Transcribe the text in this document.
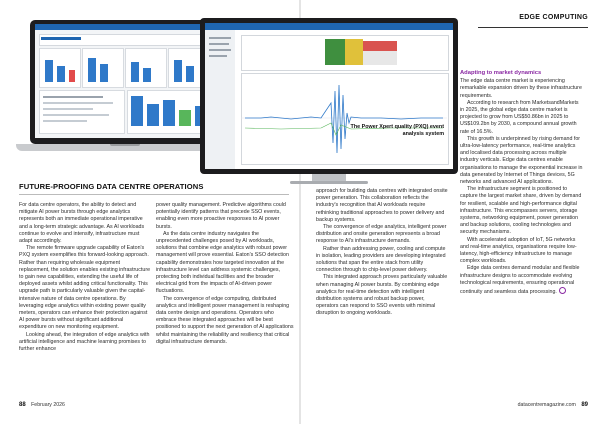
The Power Xpert quality (PXQ) event analysis system
EDGE COMPUTING
FUTURE-PROOFING DATA CENTRE OPERATIONS

For data centre operators, the ability to detect and mitigate AI power bursts through edge analytics represents both an immediate operational imperative and a long-term strategic advantage. As AI workloads continue to evolve and intensify, infrastructure must adapt accordingly.

The remote firmware upgrade capability of Eaton's PXQ system exemplifies this forward-looking approach. Rather than requiring wholesale equipment replacement, the solution enables existing infrastructure to gain new capabilities, extending the useful life of deployed assets whilst adding critical functionality. This upgrade path is particularly valuable given the capital-intensive nature of data centre operations. By leveraging edge analytics within existing power quality meters, operators can enhance their protection against AI power bursts without significant additional expenditure on new monitoring equipment.

Looking ahead, the integration of edge analytics with artificial intelligence and machine learning promises to further enhance

power quality management. Predictive algorithms could potentially identify patterns that precede SSO events, enabling even more proactive responses to AI power bursts.

As the data centre industry navigates the unprecedented challenges posed by AI workloads, solutions that combine edge analytics with robust power management will prove essential. Eaton's SSO detection capability demonstrates how targeted innovation at the infrastructure level can address systemic challenges, protecting both individual facilities and the broader electrical grid from the impacts of AI-driven power fluctuations.

The convergence of edge computing, distributed analytics and intelligent power management is reshaping data centre design and operations. Operators who embrace these integrated approaches will be best positioned to support the next generation of AI applications whilst maintaining the reliability and resiliency that critical digital infrastructure demands.

approach for building data centres with integrated onsite power generation. This collaboration reflects the industry's recognition that AI workloads require rethinking traditional approaches to power delivery and backup systems.

The convergence of edge analytics, intelligent power distribution and onsite generation represents a broad response to AI's infrastructure demands.

Rather than addressing power, cooling and compute in isolation, leading providers are developing integrated solutions that span the entire stack from utility connection through to chip-level power delivery.

This integrated approach proves particularly valuable when managing AI power bursts. By combining edge analytics for real-time detection with intelligent distribution systems and robust backup power, operators can respond to SSO events with minimal disruption to ongoing workloads.

Adapting to market dynamics

The edge data centre market is experiencing remarkable expansion driven by these infrastructure requirements.

According to research from MarketsandMarkets in 2025, the global edge data centre market is projected to grow from US$50.86bn in 2025 to US$109.2bn by 2030, a compound annual growth rate of 16.5%.

This growth is underpinned by rising demand for ultra-low-latency performance, real-time analytics and localised data processing across multiple industry verticals. Edge data centres enable organisations to manage the exponential increase in data generated by Internet of Things devices, 5G networks and advanced AI applications.

The infrastructure segment is positioned to capture the largest market share, driven by demand for resilient, scalable and high-performance digital infrastructure. This encompasses servers, storage systems, networking equipment, power generation and backup solutions, cooling technologies and security mechanisms.

With accelerated adoption of IoT, 5G networks and real-time analytics, organisations require low-latency, high-efficiency infrastructure to manage complex workloads.

Edge data centres demand modular and flexible infrastructure designs to accommodate evolving technological requirements, ensuring operational continuity and seamless data processing.

88 February 2026	datacentremagazine.com 89
